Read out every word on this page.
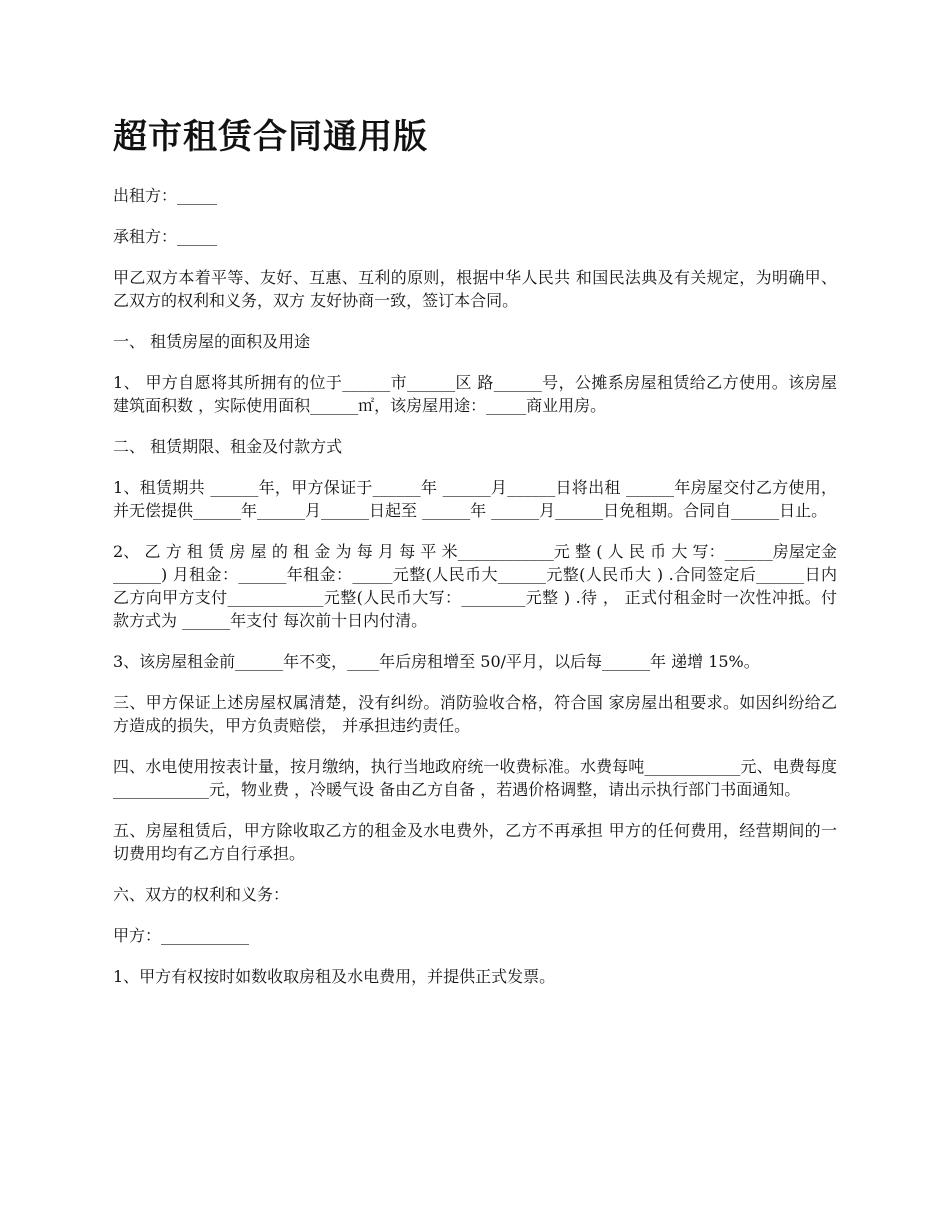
超市租赁合同通用版

出租方：_____

承租方：_____

甲乙双方本着平等、友好、互惠、互利的原则，根据中华人民共 和国民法典及有关规定，为明确甲、乙双方的权利和义务，双方 友好协商一致，签订本合同。

一、 租赁房屋的面积及用途

1、 甲方自愿将其所拥有的位于______市______区 路______号，公摊系房屋租赁给乙方使用。该房屋建筑面积数 ，实际使用面积______㎡，该房屋用途：_____商业用房。

二、 租赁期限、租金及付款方式

1、租赁期共 ______年，甲方保证于______年 ______月______日将出租 ______年房屋交付乙方使用，并无偿提供______年______月______日起至 ______年 ______月______日免租期。合同自______日止。

2、 乙 方 租 赁 房 屋 的 租 金 为 每 月 每 平 米____________元 整 ( 人 民 币 大 写：______房屋定金 ______) 月租金：______年租金：_____元整(人民币大______元整(人民币大 ) .合同签定后______日内乙方向甲方支付____________元整(人民币大写：________元整 ) .待 ， 正式付租金时一次性冲抵。付款方式为 ______年支付 每次前十日内付清。

3、该房屋租金前______年不变，____年后房租增至 50/平月，以后每______年 递增 15%。

三、甲方保证上述房屋权属清楚，没有纠纷。消防验收合格，符合国 家房屋出租要求。如因纠纷给乙方造成的损失，甲方负责赔偿， 并承担违约责任。

四、水电使用按表计量，按月缴纳，执行当地政府统一收费标准。水费每吨____________元、电费每度____________元，物业费 ，冷暖气设 备由乙方自备 ，若遇价格调整，请出示执行部门书面通知。

五、房屋租赁后，甲方除收取乙方的租金及水电费外，乙方不再承担 甲方的任何费用，经营期间的一切费用均有乙方自行承担。

六、双方的权利和义务：

甲方：___________

1、甲方有权按时如数收取房租及水电费用，并提供正式发票。
